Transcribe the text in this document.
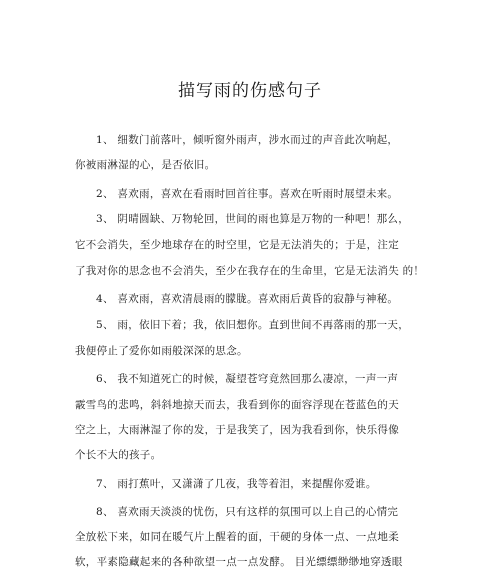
描写雨的伤感句子
1、 细数门前落叶，倾听窗外雨声，涉水而过的声音此次响起，
你被雨淋湿的心，是否依旧。
2、 喜欢雨，喜欢在看雨时回首往事。喜欢在听雨时展望未来。
3、 阴晴圆缺、万物轮回，世间的雨也算是万物的一种吧！那么，
它不会消失，至少地球存在的时空里，它是无法消失的；于是，注定
了我对你的思念也不会消失，至少在我存在的生命里，它是无法消失 的！
4、 喜欢雨，喜欢清晨雨的朦胧。喜欢雨后黄昏的寂静与神秘。
5、 雨，依旧下着；我，依旧想你。直到世间不再落雨的那一天，
我便停止了爱你如雨般深深的思念。
6、 我不知道死亡的时候，凝望苍穹竟然回那么凄凉，一声一声
霰雪鸟的悲鸣，斜斜地掠天而去，我看到你的面容浮现在苍蓝色的天
空之上，大雨淋湿了你的发，于是我笑了，因为我看到你，快乐得像
个长不大的孩子。
7、 雨打蕉叶，又潇潇了几夜，我等着泪，来提醒你爱谁。
8、 喜欢雨天淡淡的忧伤，只有这样的氛围可以上自己的心情完
全放松下来，如同在暖气片上醒着的面，干硬的身体一点、一点地柔
软，平素隐藏起来的各种欲望一点一点发酵。 目光缥缥缈缈地穿透眼
